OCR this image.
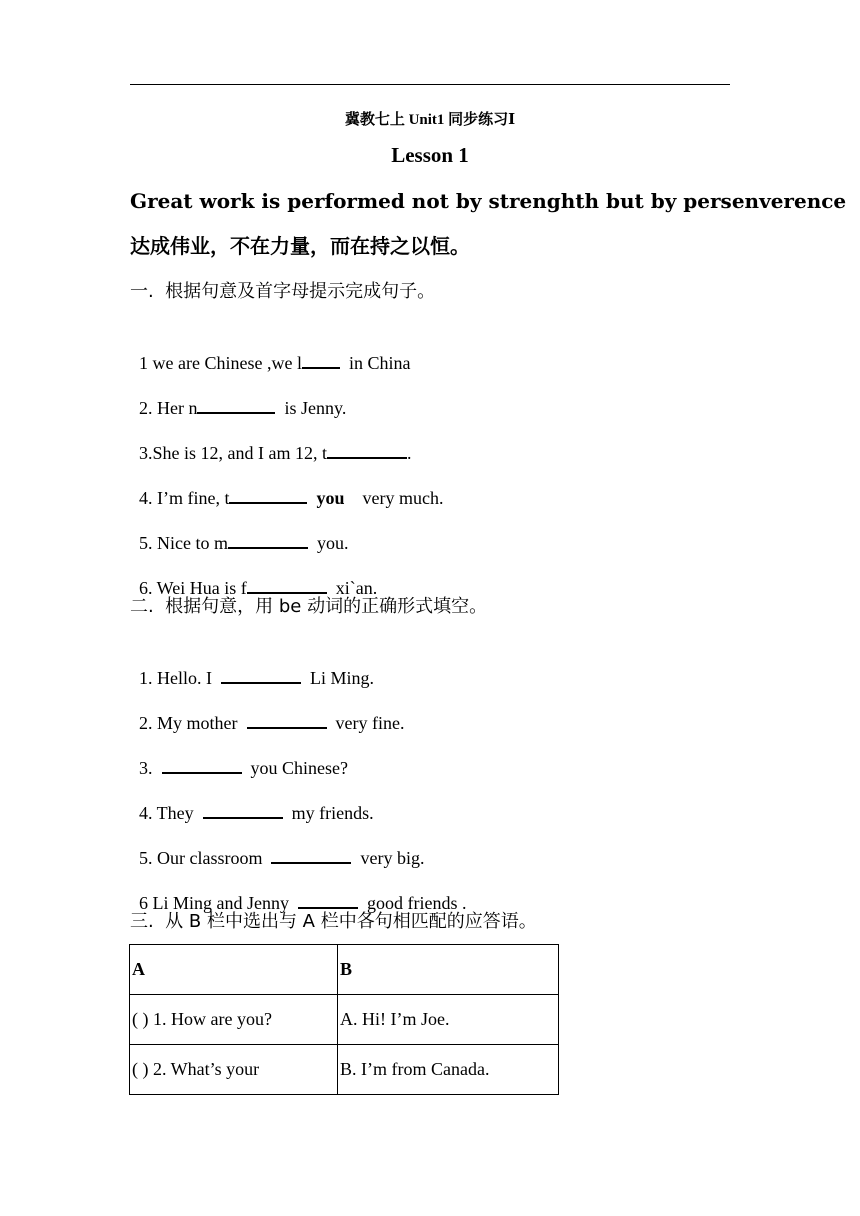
冀教七上 Unit1 同步练习Ⅰ
Lesson 1
Great work is performed not by strenghth but by persenverence
达成伟业，不在力量，而在持之以恒。
一.  根据句意及首字母提示完成句子。

1 we are Chinese ,we l  in China

2. Her n	is Jenny.

3.She is 12, and I am 12, t	.

4. I’m fine, t	you    very much.

5. Nice to m	you.

6. Wei Hua is f	xi`an.

二.  根据句意，用 be 动词的正确形式填空。

1. Hello. I	Li Ming.

2. My mother	very fine.

3.	you Chinese?

4. They	my friends.

5. Our classroom	very big.

6 Li Ming and Jenny	good friends .

三.  从 B 栏中选出与 A 栏中各句相匹配的应答语。
A	B
( ) 1. How are you?	A. Hi! I’m Joe.
( ) 2. What’s your	B. I’m from Canada.
